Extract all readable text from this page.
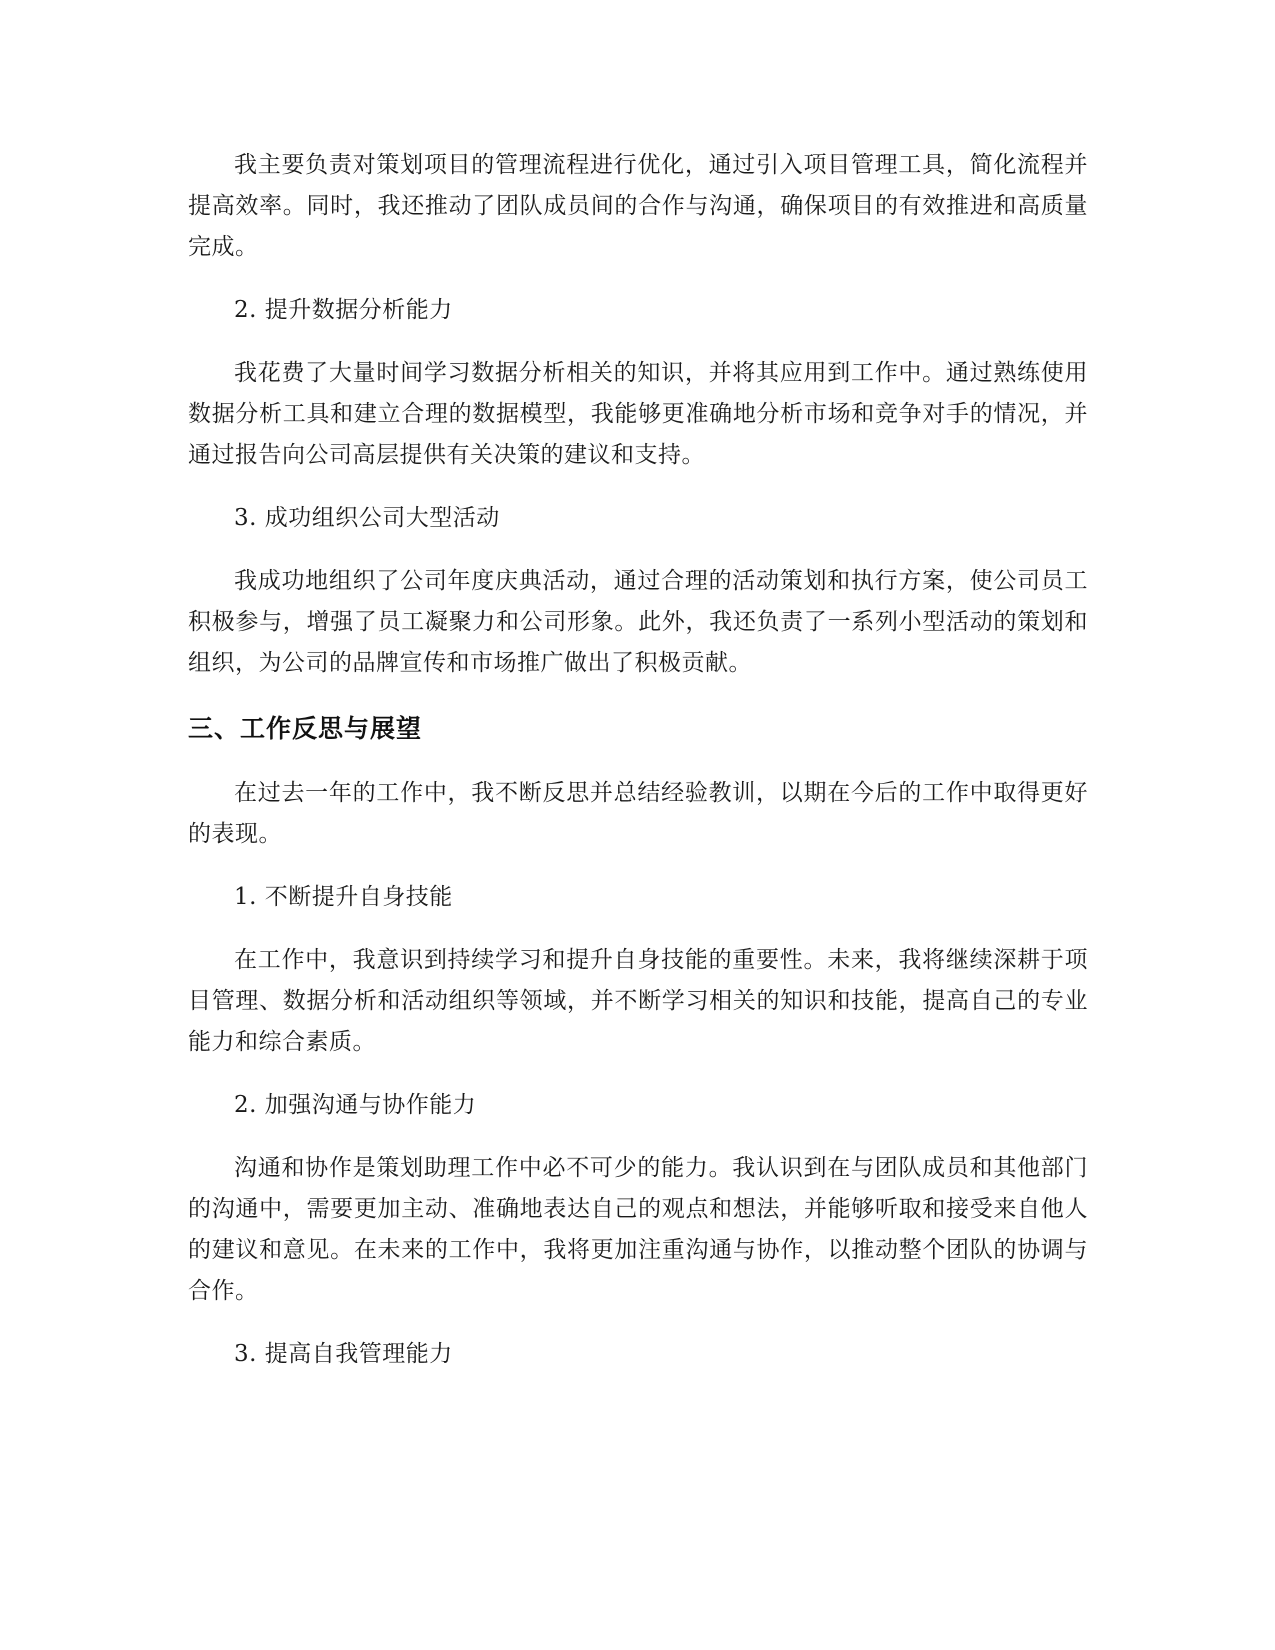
我主要负责对策划项目的管理流程进行优化，通过引入项目管理工具，简化流程并提高效率。同时，我还推动了团队成员间的合作与沟通，确保项目的有效推进和高质量完成。

2. 提升数据分析能力

我花费了大量时间学习数据分析相关的知识，并将其应用到工作中。通过熟练使用数据分析工具和建立合理的数据模型，我能够更准确地分析市场和竞争对手的情况，并通过报告向公司高层提供有关决策的建议和支持。

3. 成功组织公司大型活动

我成功地组织了公司年度庆典活动，通过合理的活动策划和执行方案，使公司员工积极参与，增强了员工凝聚力和公司形象。此外，我还负责了一系列小型活动的策划和组织，为公司的品牌宣传和市场推广做出了积极贡献。

三、工作反思与展望

在过去一年的工作中，我不断反思并总结经验教训，以期在今后的工作中取得更好的表现。

1. 不断提升自身技能

在工作中，我意识到持续学习和提升自身技能的重要性。未来，我将继续深耕于项目管理、数据分析和活动组织等领域，并不断学习相关的知识和技能，提高自己的专业能力和综合素质。

2. 加强沟通与协作能力

沟通和协作是策划助理工作中必不可少的能力。我认识到在与团队成员和其他部门的沟通中，需要更加主动、准确地表达自己的观点和想法，并能够听取和接受来自他人的建议和意见。在未来的工作中，我将更加注重沟通与协作，以推动整个团队的协调与合作。

3. 提高自我管理能力
